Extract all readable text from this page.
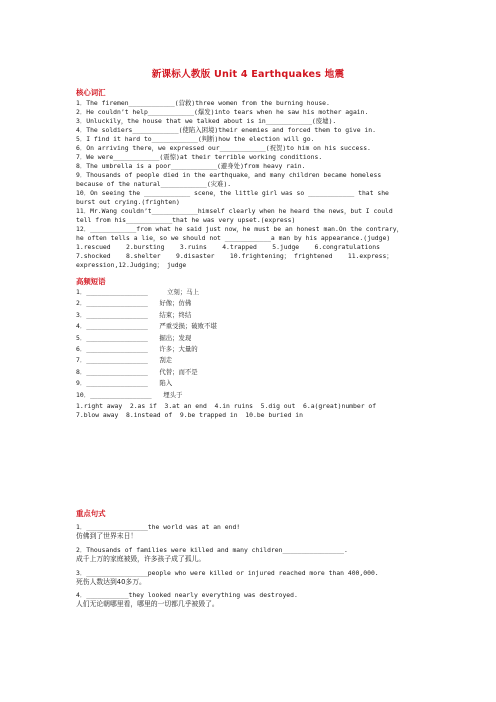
新课标人教版 Unit 4 Earthquakes 地震
核心词汇
1．The firemen____________(营救)three women from the burning house.
2．He couldn’t help____________(爆发)into tears when he saw his mother again.
3．Unluckily，the house that we talked about is in____________(废墟).
4．The soldiers____________(使陷入困境)their enemies and forced them to give in.
5．I find it hard to____________(判断)how the election will go.
6．On arriving there，we expressed our____________(祝贺)to him on his success.
7．We were____________(震惊)at their terrible working conditions.
8．The umbrella is a poor____________(避身处)from heavy rain.
9．Thousands of people died in the earthquake，and many children became homeless
because of the natural____________(灾难).
10．On seeing the ____________ scene，the little girl was so ____________ that she
burst out crying.(frighten)
11．Mr.Wang couldn’t____________himself clearly when he heard the news，but I could
tell from his____________that he was very upset.(express)
12．____________from what he said just now，he must be an honest man.On the contrary，
he often tells a lie，so we should not ____________a man by his appearance.(judge)
1.rescued    2.bursting    3.ruins    4.trapped    5.judge    6.congratulations
7.shocked    8.shelter    9.disaster    10.frightening； frightened    11.express；
expression,12.Judging； judge
高频短语
1．________________     立刻；马上
2．________________   好像；仿佛
3．________________   结束；终结
4．________________   严重受损；破败不堪
5．________________   掘出；发现
6．________________   许多；大量的
7．________________   刮走
8．________________   代替；而不是
9．________________   陷入
10．________________   埋头于
1.right away  2.as if  3.at an end  4.in ruins  5.dig out  6.a(great)number of
7.blow away  8.instead of  9.be trapped in  10.be buried in
重点句式
1．________________the world was at an end!
仿佛到了世界末日！
2．Thousands of families were killed and many children________________.
成千上万的家庭被毁，许多孩子成了孤儿。
3．________________people who were killed or injured reached more than 400,000.
死伤人数达到40多万。
4．___________they looked nearly everything was destroyed.
人们无论朝哪里看，哪里的一切都几乎被毁了。
